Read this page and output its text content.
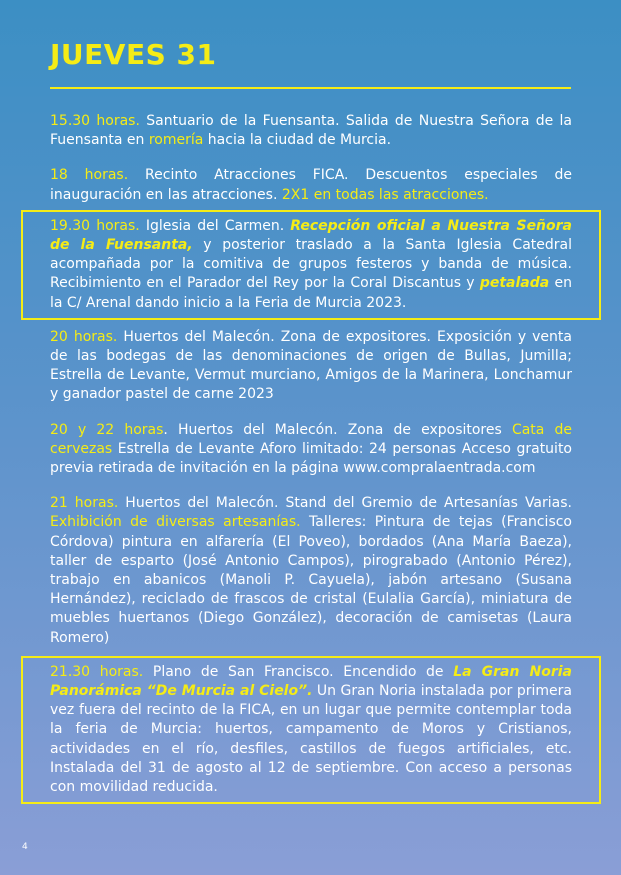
JUEVES 31

15.30 horas. Santuario de la Fuensanta. Salida de Nuestra Señora de la Fuensanta en romería hacia la ciudad de Murcia.

18 horas. Recinto Atracciones FICA. Descuentos especiales de inauguración en las atracciones. 2X1 en todas las atracciones.

19.30 horas. Iglesia del Carmen. Recepción oficial a Nuestra Señora de la Fuensanta, y posterior traslado a la Santa Iglesia Catedral acompañada por la comitiva de grupos festeros y banda de música. Recibimiento en el Parador del Rey por la Coral Discantus y petalada en la C/ Arenal dando inicio a la Feria de Murcia 2023.

20 horas. Huertos del Malecón. Zona de expositores. Exposición y venta de las bodegas de las denominaciones de origen de Bullas, Jumilla; Estrella de Levante, Vermut murciano, Amigos de la Marinera, Lonchamur y ganador pastel de carne 2023

20 y 22 horas. Huertos del Malecón. Zona de expositores Cata de cervezas Estrella de Levante Aforo limitado: 24 personas Acceso gratuito previa retirada de invitación en la página www.compralaentrada.com

21 horas. Huertos del Malecón. Stand del Gremio de Artesanías Varias. Exhibición de diversas artesanías. Talleres: Pintura de tejas (Francisco Córdova) pintura en alfarería (El Poveo), bordados (Ana María Baeza), taller de esparto (José Antonio Campos), pirograbado (Antonio Pérez), trabajo en abanicos (Manoli P. Cayuela), jabón artesano (Susana Hernández), reciclado de frascos de cristal (Eulalia García), miniatura de muebles huertanos (Diego González), decoración de camisetas (Laura Romero)

21.30 horas. Plano de San Francisco. Encendido de La Gran Noria Panorámica “De Murcia al Cielo”. Un Gran Noria instalada por primera vez fuera del recinto de la FICA, en un lugar que permite contemplar toda la feria de Murcia: huertos, campamento de Moros y Cristianos, actividades en el río, desfiles, castillos de fuegos artificiales, etc. Instalada del 31 de agosto al 12 de septiembre. Con acceso a personas con movilidad reducida.

4
